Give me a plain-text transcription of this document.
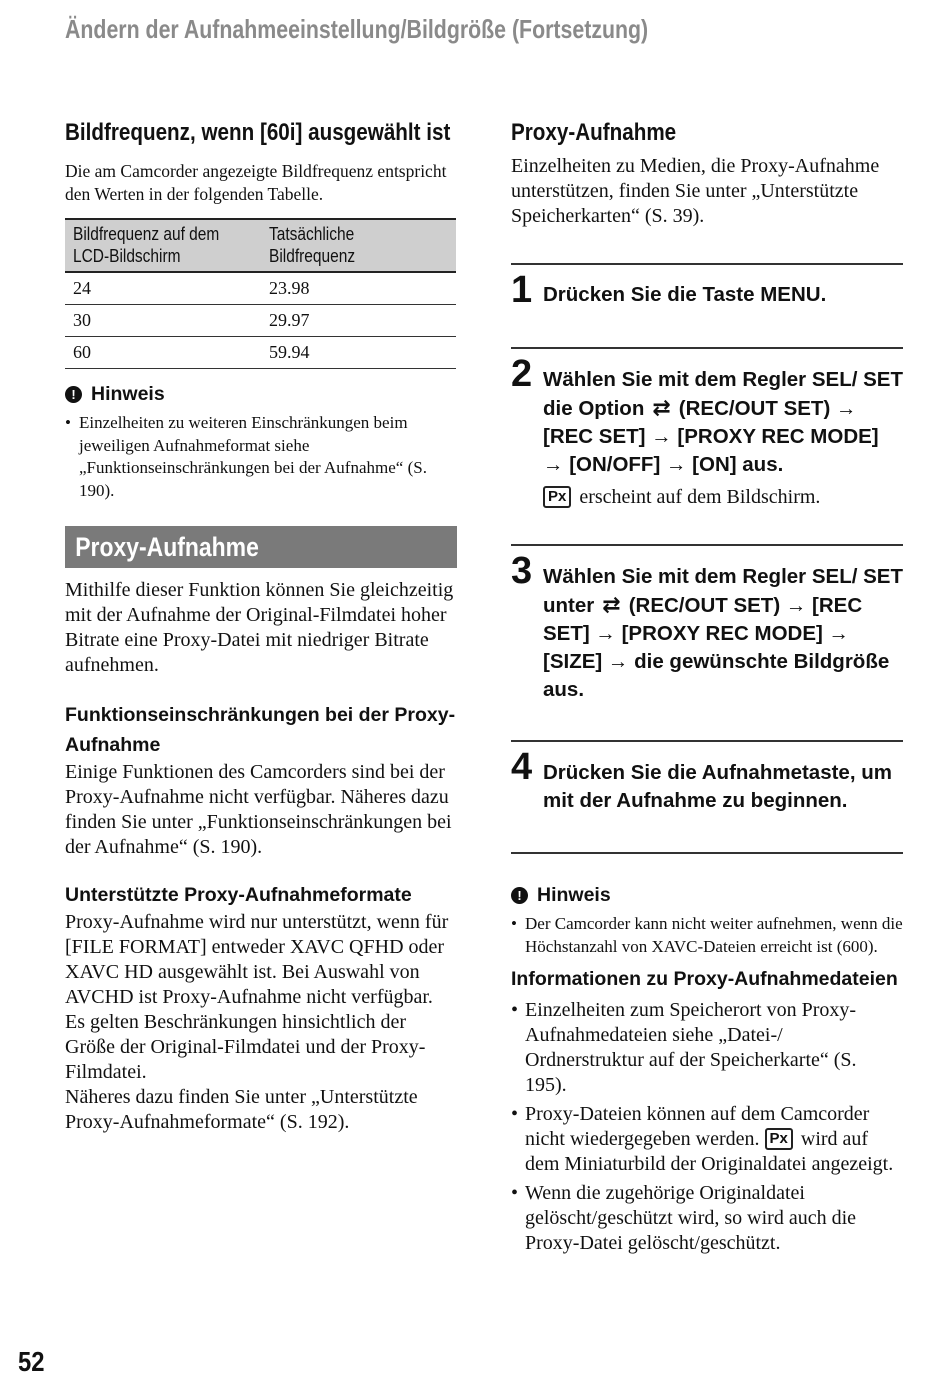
Ändern der Aufnahmeeinstellung/Bildgröße (Fortsetzung)
Bildfrequenz, wenn [60i] ausgewählt ist
Die am Camcorder angezeigte Bildfrequenz entspricht den Werten in der folgenden Tabelle.
Bildfrequenz auf dem LCD-Bildschirm	Tatsächliche Bildfrequenz
24	23.98
30	29.97
60	59.94
! Hinweis
• Einzelheiten zu weiteren Einschränkungen beim jeweiligen Aufnahmeformat siehe „Funktionseinschränkungen bei der Aufnahme“ (S. 190).
Proxy-Aufnahme
Mithilfe dieser Funktion können Sie gleichzeitig mit der Aufnahme der Original-Filmdatei hoher Bitrate eine Proxy-Datei mit niedriger Bitrate aufnehmen.
Funktionseinschränkungen bei der Proxy-Aufnahme
Einige Funktionen des Camcorders sind bei der Proxy-Aufnahme nicht verfügbar. Näheres dazu finden Sie unter „Funktionseinschränkungen bei der Aufnahme“ (S. 190).
Unterstützte Proxy-Aufnahmeformate
Proxy-Aufnahme wird nur unterstützt, wenn für [FILE FORMAT] entweder XAVC QFHD oder XAVC HD ausgewählt ist. Bei Auswahl von AVCHD ist Proxy-Aufnahme nicht verfügbar.
Es gelten Beschränkungen hinsichtlich der Größe der Original-Filmdatei und der Proxy-Filmdatei.
Näheres dazu finden Sie unter „Unterstützte Proxy-Aufnahmeformate“ (S. 192).
Proxy-Aufnahme
Einzelheiten zu Medien, die Proxy-Aufnahme unterstützen, finden Sie unter „Unterstützte Speicherkarten“ (S. 39).
1 Drücken Sie die Taste MENU.
2 Wählen Sie mit dem Regler SEL/ SET die Option ⇄ (REC/OUT SET) → [REC SET] → [PROXY REC MODE] → [ON/OFF] → [ON] aus.
Px erscheint auf dem Bildschirm.
3 Wählen Sie mit dem Regler SEL/ SET unter ⇄ (REC/OUT SET) → [REC SET] → [PROXY REC MODE] → [SIZE] → die gewünschte Bildgröße aus.
4 Drücken Sie die Aufnahmetaste, um mit der Aufnahme zu beginnen.
! Hinweis
• Der Camcorder kann nicht weiter aufnehmen, wenn die Höchstanzahl von XAVC-Dateien erreicht ist (600).
Informationen zu Proxy-Aufnahmedateien
• Einzelheiten zum Speicherort von Proxy-Aufnahmedateien siehe „Datei-/ Ordnerstruktur auf der Speicherkarte“ (S. 195).
• Proxy-Dateien können auf dem Camcorder nicht wiedergegeben werden. Px wird auf dem Miniaturbild der Originaldatei angezeigt.
• Wenn die zugehörige Originaldatei gelöscht/geschützt wird, so wird auch die Proxy-Datei gelöscht/geschützt.
52
